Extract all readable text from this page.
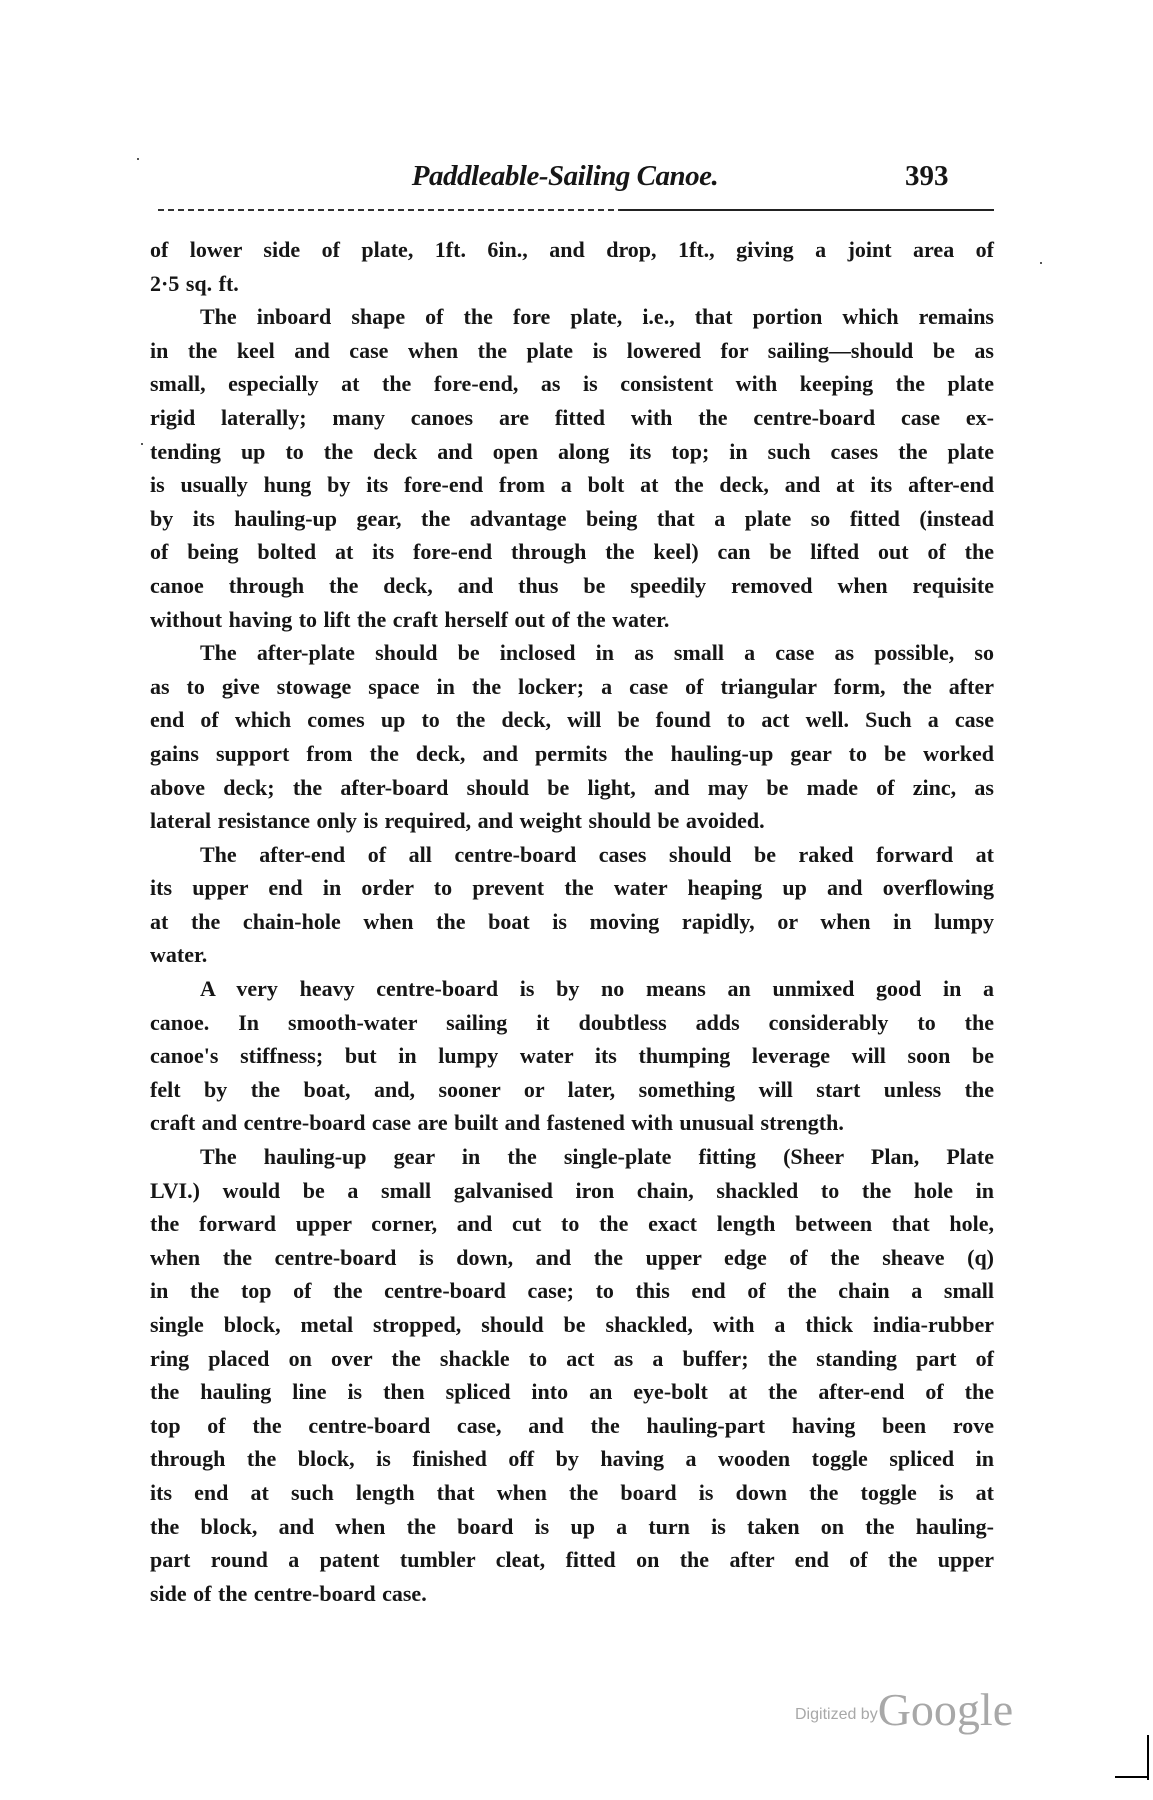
Paddleable-Sailing Canoe.	393
of lower side of plate, 1ft. 6in., and drop, 1ft., giving a joint area of
2·5 sq. ft.
The inboard shape of the fore plate, i.e., that portion which remains
in the keel and case when the plate is lowered for sailing—should be as
small, especially at the fore-end, as is consistent with keeping the plate
rigid laterally; many canoes are fitted with the centre-board case ex-
tending up to the deck and open along its top; in such cases the plate
is usually hung by its fore-end from a bolt at the deck, and at its after-end
by its hauling-up gear, the advantage being that a plate so fitted (instead
of being bolted at its fore-end through the keel) can be lifted out of the
canoe through the deck, and thus be speedily removed when requisite
without having to lift the craft herself out of the water.
The after-plate should be inclosed in as small a case as possible, so
as to give stowage space in the locker; a case of triangular form, the after
end of which comes up to the deck, will be found to act well. Such a case
gains support from the deck, and permits the hauling-up gear to be worked
above deck; the after-board should be light, and may be made of zinc, as
lateral resistance only is required, and weight should be avoided.
The after-end of all centre-board cases should be raked forward at
its upper end in order to prevent the water heaping up and overflowing
at the chain-hole when the boat is moving rapidly, or when in lumpy
water.
A very heavy centre-board is by no means an unmixed good in a
canoe. In smooth-water sailing it doubtless adds considerably to the
canoe's stiffness; but in lumpy water its thumping leverage will soon be
felt by the boat, and, sooner or later, something will start unless the
craft and centre-board case are built and fastened with unusual strength.
The hauling-up gear in the single-plate fitting (Sheer Plan, Plate
LVI.) would be a small galvanised iron chain, shackled to the hole in
the forward upper corner, and cut to the exact length between that hole,
when the centre-board is down, and the upper edge of the sheave (q)
in the top of the centre-board case; to this end of the chain a small
single block, metal stropped, should be shackled, with a thick india-rubber
ring placed on over the shackle to act as a buffer; the standing part of
the hauling line is then spliced into an eye-bolt at the after-end of the
top of the centre-board case, and the hauling-part having been rove
through the block, is finished off by having a wooden toggle spliced in
its end at such length that when the board is down the toggle is at
the block, and when the board is up a turn is taken on the hauling-
part round a patent tumbler cleat, fitted on the after end of the upper
side of the centre-board case.
Digitized byGoogle
